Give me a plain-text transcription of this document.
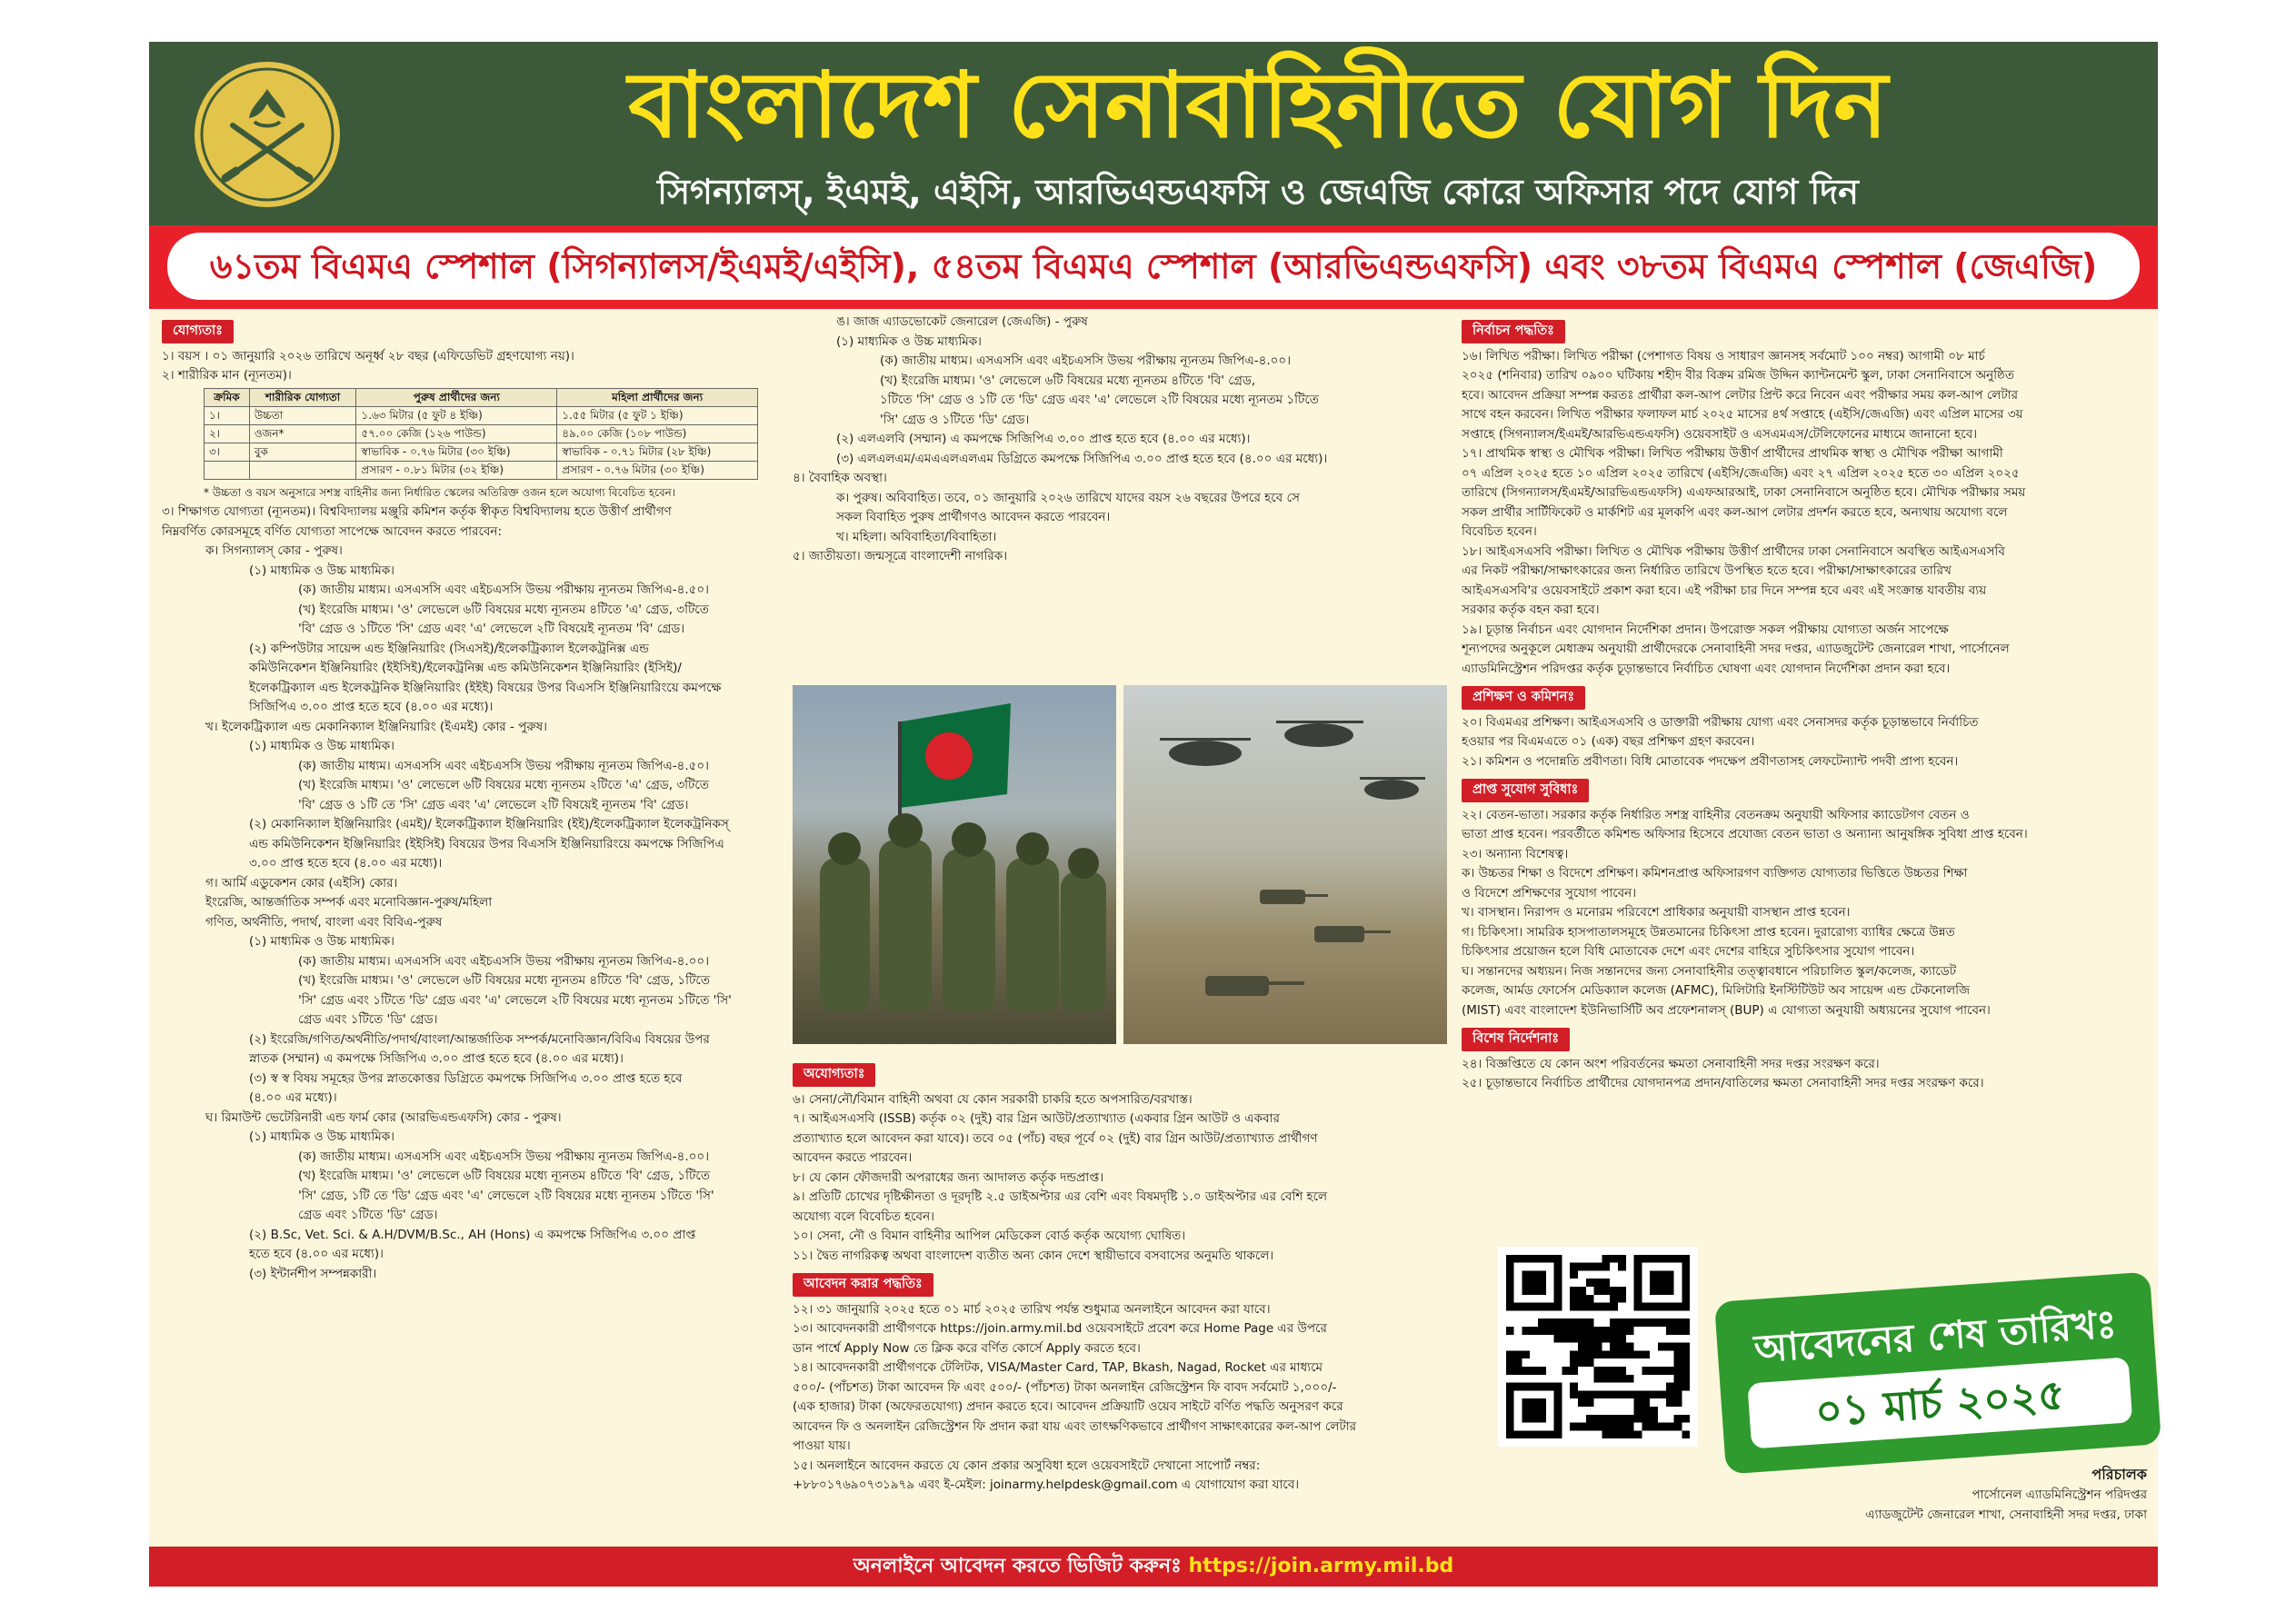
বাংলাদেশ সেনাবাহিনীতে যোগ দিন
সিগন্যালস্, ইএমই, এইসি, আরভিএন্ডএফসি ও জেএজি কোরে অফিসার পদে যোগ দিন
৬১তম বিএমএ স্পেশাল (সিগন্যালস/ইএমই/এইসি), ৫৪তম বিএমএ স্পেশাল (আরভিএন্ডএফসি) এবং ৩৮তম বিএমএ স্পেশাল (জেএজি)
যোগ্যতাঃ
১। বয়স । ০১ জানুয়ারি ২০২৬ তারিখে অনূর্ধ্ব ২৮ বছর (এফিডেভিট গ্রহণযোগ্য নয়)।
২। শারীরিক মান (ন্যূনতম)।
ক্রমিক	শারীরিক যোগ্যতা	পুরুষ প্রার্থীদের জন্য	মহিলা প্রার্থীদের জন্য
১।	উচ্চতা	১.৬৩ মিটার (৫ ফুট ৪ ইঞ্চি)	১.৫৫ মিটার (৫ ফুট ১ ইঞ্চি)
২।	ওজন*	৫৭.০০ কেজি (১২৬ পাউন্ড)	৪৯.০০ কেজি (১০৮ পাউন্ড)
৩।	বুক	স্বাভাবিক - ০.৭৬ মিটার (৩০ ইঞ্চি)	স্বাভাবিক - ০.৭১ মিটার (২৮ ইঞ্চি)
		প্রসারণ - ০.৮১ মিটার (৩২ ইঞ্চি)	প্রসারণ - ০.৭৬ মিটার (৩০ ইঞ্চি)
* উচ্চতা ও বয়স অনুসারে সশস্ত্র বাহিনীর জন্য নির্ধারিত স্কেলের অতিরিক্ত ওজন হলে অযোগ্য বিবেচিত হবেন।
৩। শিক্ষাগত যোগ্যতা (ন্যূনতম)। বিশ্ববিদ্যালয় মঞ্জুরি কমিশন কর্তৃক স্বীকৃত বিশ্ববিদ্যালয় হতে উত্তীর্ণ প্রার্থীগণ
নিম্নবর্ণিত কোরসমূহে বর্ণিত যোগ্যতা সাপেক্ষে আবেদন করতে পারবেন:
ক। সিগন্যালস্ কোর - পুরুষ।
(১) মাধ্যমিক ও উচ্চ মাধ্যমিক।
(ক) জাতীয় মাধ্যম। এসএসসি এবং এইচএসসি উভয় পরীক্ষায় ন্যূনতম জিপিএ-৪.৫০।
(খ) ইংরেজি মাধ্যম। 'ও' লেভেলে ৬টি বিষয়ের মধ্যে ন্যূনতম ৪টিতে 'এ' গ্রেড, ৩টিতে
'বি' গ্রেড ও ১টিতে 'সি' গ্রেড এবং 'এ' লেভেলে ২টি বিষয়েই ন্যূনতম 'বি' গ্রেড।
(২) কম্পিউটার সায়েন্স এন্ড ইঞ্জিনিয়ারিং (সিএসই)/ইলেকট্রিক্যাল ইলেকট্রনিক্স এন্ড
কমিউনিকেশন ইঞ্জিনিয়ারিং (ইইসিই)/ইলেকট্রনিক্স এন্ড কমিউনিকেশন ইঞ্জিনিয়ারিং (ইসিই)/
ইলেকট্রিক্যাল এন্ড ইলেকট্রনিক ইঞ্জিনিয়ারিং (ইইই) বিষয়ের উপর বিএসসি ইঞ্জিনিয়ারিংয়ে কমপক্ষে
সিজিপিএ ৩.০০ প্রাপ্ত হতে হবে (৪.০০ এর মধ্যে)।
খ। ইলেকট্রিক্যাল এন্ড মেকানিক্যাল ইঞ্জিনিয়ারিং (ইএমই) কোর - পুরুষ।
(১) মাধ্যমিক ও উচ্চ মাধ্যমিক।
(ক) জাতীয় মাধ্যম। এসএসসি এবং এইচএসসি উভয় পরীক্ষায় ন্যূনতম জিপিএ-৪.৫০।
(খ) ইংরেজি মাধ্যম। 'ও' লেভেলে ৬টি বিষয়ের মধ্যে ন্যূনতম ২টিতে 'এ' গ্রেড, ৩টিতে
'বি' গ্রেড ও ১টি তে 'সি' গ্রেড এবং 'এ' লেভেলে ২টি বিষয়েই ন্যূনতম 'বি' গ্রেড।
(২) মেকানিক্যাল ইঞ্জিনিয়ারিং (এমই)/ ইলেকট্রিক্যাল ইঞ্জিনিয়ারিং (ইই)/ইলেকট্রিক্যাল ইলেকট্রনিকস্
এন্ড কমিউনিকেশন ইঞ্জিনিয়ারিং (ইইসিই) বিষয়ের উপর বিএসসি ইঞ্জিনিয়ারিংয়ে কমপক্ষে সিজিপিএ
৩.০০ প্রাপ্ত হতে হবে (৪.০০ এর মধ্যে)।
গ। আর্মি এডুকেশন কোর (এইসি) কোর।
ইংরেজি, আন্তর্জাতিক সম্পর্ক এবং মনোবিজ্ঞান-পুরুষ/মহিলা
গণিত, অর্থনীতি, পদার্থ, বাংলা এবং বিবিএ-পুরুষ
(১) মাধ্যমিক ও উচ্চ মাধ্যমিক।
(ক) জাতীয় মাধ্যম। এসএসসি এবং এইচএসসি উভয় পরীক্ষায় ন্যূনতম জিপিএ-৪.০০।
(খ) ইংরেজি মাধ্যম। 'ও' লেভেলে ৬টি বিষয়ের মধ্যে ন্যূনতম ৪টিতে 'বি' গ্রেড, ১টিতে
'সি' গ্রেড এবং ১টিতে 'ডি' গ্রেড এবং 'এ' লেভেলে ২টি বিষয়ের মধ্যে ন্যূনতম ১টিতে 'সি'
গ্রেড এবং ১টিতে 'ডি' গ্রেড।
(২) ইংরেজি/গণিত/অর্থনীতি/পদার্থ/বাংলা/আন্তর্জাতিক সম্পর্ক/মনোবিজ্ঞান/বিবিএ বিষয়ের উপর
স্নাতক (সম্মান) এ কমপক্ষে সিজিপিএ ৩.০০ প্রাপ্ত হতে হবে (৪.০০ এর মধ্যে)।
(৩) স্ব স্ব বিষয় সমূহের উপর স্নাতকোত্তর ডিগ্রিতে কমপক্ষে সিজিপিএ ৩.০০ প্রাপ্ত হতে হবে
(৪.০০ এর মধ্যে)।
ঘ। রিমাউন্ট ভেটেরিনারী এন্ড ফার্ম কোর (আরভিএন্ডএফসি) কোর - পুরুষ।
(১) মাধ্যমিক ও উচ্চ মাধ্যমিক।
(ক) জাতীয় মাধ্যম। এসএসসি এবং এইচএসসি উভয় পরীক্ষায় ন্যূনতম জিপিএ-৪.০০।
(খ) ইংরেজি মাধ্যম। 'ও' লেভেলে ৬টি বিষয়ের মধ্যে ন্যূনতম ৪টিতে 'বি' গ্রেড, ১টিতে
'সি' গ্রেড, ১টি তে 'ডি' গ্রেড এবং 'এ' লেভেলে ২টি বিষয়ের মধ্যে ন্যূনতম ১টিতে 'সি'
গ্রেড এবং ১টিতে 'ডি' গ্রেড।
(২) B.Sc, Vet. Sci. & A.H/DVM/B.Sc., AH (Hons) এ কমপক্ষে সিজিপিএ ৩.০০ প্রাপ্ত
হতে হবে (৪.০০ এর মধ্যে)।
(৩) ইন্টার্নশীপ সম্পন্নকারী।
ঙ। জাজ এ্যাডভোকেট জেনারেল (জেএজি) - পুরুষ
(১) মাধ্যমিক ও উচ্চ মাধ্যমিক।
(ক) জাতীয় মাধ্যম। এসএসসি এবং এইচএসসি উভয় পরীক্ষায় ন্যূনতম জিপিএ-৪.০০।
(খ) ইংরেজি মাধ্যম। 'ও' লেভেলে ৬টি বিষয়ের মধ্যে ন্যূনতম ৪টিতে 'বি' গ্রেড,
১টিতে 'সি' গ্রেড ও ১টি তে 'ডি' গ্রেড এবং 'এ' লেভেলে ২টি বিষয়ের মধ্যে ন্যূনতম ১টিতে
'সি' গ্রেড ও ১টিতে 'ডি' গ্রেড।
(২) এলএলবি (সম্মান) এ কমপক্ষে সিজিপিএ ৩.০০ প্রাপ্ত হতে হবে (৪.০০ এর মধ্যে)।
(৩) এলএলএম/এমএএলএলএম ডিগ্রিতে কমপক্ষে সিজিপিএ ৩.০০ প্রাপ্ত হতে হবে (৪.০০ এর মধ্যে)।
৪। বৈবাহিক অবস্থা।
ক। পুরুষ। অবিবাহিত। তবে, ০১ জানুয়ারি ২০২৬ তারিখে যাদের বয়স ২৬ বছরের উপরে হবে সে
সকল বিবাহিত পুরুষ প্রার্থীগণও আবেদন করতে পারবেন।
খ। মহিলা। অবিবাহিতা/বিবাহিতা।
৫। জাতীয়তা। জন্মসূত্রে বাংলাদেশী নাগরিক।
অযোগ্যতাঃ
৬। সেনা/নৌ/বিমান বাহিনী অথবা যে কোন সরকারী চাকরি হতে অপসারিত/বরখাস্ত।
৭। আইএসএসবি (ISSB) কর্তৃক ০২ (দুই) বার গ্রিন আউট/প্রত্যাখ্যাত (একবার গ্রিন আউট ও একবার
প্রত্যাখ্যাত হলে আবেদন করা যাবে)। তবে ০৫ (পাঁচ) বছর পূর্বে ০২ (দুই) বার গ্রিন আউট/প্রত্যাখ্যাত প্রার্থীগণ
আবেদন করতে পারবেন।
৮। যে কোন ফৌজদারী অপরাধের জন্য আদালত কর্তৃক দন্ডপ্রাপ্ত।
৯। প্রতিটি চোখের দৃষ্টিক্ষীনতা ও দূরদৃষ্টি ২.৫ ডাইঅপ্টার এর বেশি এবং বিষমদৃষ্টি ১.০ ডাইঅপ্টার এর বেশি হলে
অযোগ্য বলে বিবেচিত হবেন।
১০। সেনা, নৌ ও বিমান বাহিনীর আপিল মেডিকেল বোর্ড কর্তৃক অযোগ্য ঘোষিত।
১১। দ্বৈত নাগরিকত্ব অথবা বাংলাদেশ ব্যতীত অন্য কোন দেশে স্থায়ীভাবে বসবাসের অনুমতি থাকলে।
আবেদন করার পদ্ধতিঃ
১২। ৩১ জানুয়ারি ২০২৫ হতে ০১ মার্চ ২০২৫ তারিখ পর্যন্ত শুধুমাত্র অনলাইনে আবেদন করা যাবে।
১৩। আবেদনকারী প্রার্থীগণকে https://join.army.mil.bd ওয়েবসাইটে প্রবেশ করে Home Page এর উপরে
ডান পার্শ্বে Apply Now তে ক্লিক করে বর্ণিত কোর্সে Apply করতে হবে।
১৪। আবেদনকারী প্রার্থীগণকে টেলিটক, VISA/Master Card, TAP, Bkash, Nagad, Rocket এর মাধ্যমে
৫০০/- (পাঁচশত) টাকা আবেদন ফি এবং ৫০০/- (পাঁচশত) টাকা অনলাইন রেজিস্ট্রেশন ফি বাবদ সর্বমোট ১,০০০/-
(এক হাজার) টাকা (অফেরতযোগ্য) প্রদান করতে হবে। আবেদন প্রক্রিয়াটি ওয়েব সাইটে বর্ণিত পদ্ধতি অনুসরণ করে
আবেদন ফি ও অনলাইন রেজিস্ট্রেশন ফি প্রদান করা যায় এবং তাৎক্ষণিকভাবে প্রার্থীগণ সাক্ষাৎকারের কল-আপ লেটার
পাওয়া যায়।
১৫। অনলাইনে আবেদন করতে যে কোন প্রকার অসুবিধা হলে ওয়েবসাইটে দেখানো সাপোর্ট নম্বর:
+৮৮০১৭৬৯০৭৩১৯৭৯ এবং ই-মেইল: joinarmy.helpdesk@gmail.com এ যোগাযোগ করা যাবে।
নির্বাচন পদ্ধতিঃ
১৬। লিখিত পরীক্ষা। লিখিত পরীক্ষা (পেশাগত বিষয় ও সাধারণ জ্ঞানসহ সর্বমোট ১০০ নম্বর) আগামী ০৮ মার্চ
২০২৫ (শনিবার) তারিখ ০৯০০ ঘটিকায় শহীদ বীর বিক্রম রমিজ উদ্দিন ক্যান্টনমেন্ট স্কুল, ঢাকা সেনানিবাসে অনুষ্ঠিত
হবে। আবেদন প্রক্রিয়া সম্পন্ন করতঃ প্রার্থীরা কল-আপ লেটার প্রিন্ট করে নিবেন এবং পরীক্ষার সময় কল-আপ লেটার
সাথে বহন করবেন। লিখিত পরীক্ষার ফলাফল মার্চ ২০২৫ মাসের ৪র্থ সপ্তাহে (এইসি/জেএজি) এবং এপ্রিল মাসের ৩য়
সপ্তাহে (সিগন্যালস/ইএমই/আরভিএন্ডএফসি) ওয়েবসাইট ও এসএমএস/টেলিফোনের মাধ্যমে জানানো হবে।
১৭। প্রাথমিক স্বাস্থ্য ও মৌখিক পরীক্ষা। লিখিত পরীক্ষায় উত্তীর্ণ প্রার্থীদের প্রাথমিক স্বাস্থ্য ও মৌখিক পরীক্ষা আগামী
০৭ এপ্রিল ২০২৫ হতে ১০ এপ্রিল ২০২৫ তারিখে (এইসি/জেএজি) এবং ২৭ এপ্রিল ২০২৫ হতে ৩০ এপ্রিল ২০২৫
তারিখে (সিগন্যালস/ইএমই/আরভিএন্ডএফসি) এএফআরআই, ঢাকা সেনানিবাসে অনুষ্ঠিত হবে। মৌখিক পরীক্ষার সময়
সকল প্রার্থীর সার্টিফিকেট ও মার্কশিট এর মূলকপি এবং কল-আপ লেটার প্রদর্শন করতে হবে, অন্যথায় অযোগ্য বলে
বিবেচিত হবেন।
১৮। আইএসএসবি পরীক্ষা। লিখিত ও মৌখিক পরীক্ষায় উত্তীর্ণ প্রার্থীদের ঢাকা সেনানিবাসে অবস্থিত আইএসএসবি
এর নিকট পরীক্ষা/সাক্ষাৎকারের জন্য নির্ধারিত তারিখে উপস্থিত হতে হবে। পরীক্ষা/সাক্ষাৎকারের তারিখ
আইএসএসবি'র ওয়েবসাইটে প্রকাশ করা হবে। এই পরীক্ষা চার দিনে সম্পন্ন হবে এবং এই সংক্রান্ত যাবতীয় ব্যয়
সরকার কর্তৃক বহন করা হবে।
১৯। চূড়ান্ত নির্বাচন এবং যোগদান নির্দেশিকা প্রদান। উপরোক্ত সকল পরীক্ষায় যোগ্যতা অর্জন সাপেক্ষে
শূন্যপদের অনুকূলে মেধাক্রম অনুযায়ী প্রার্থীদেরকে সেনাবাহিনী সদর দপ্তর, এ্যাডজুটেন্ট জেনারেল শাখা, পার্সোনেল
এ্যাডমিনিস্ট্রেশন পরিদপ্তর কর্তৃক চূড়ান্তভাবে নির্বাচিত ঘোষণা এবং যোগদান নির্দেশিকা প্রদান করা হবে।
প্রশিক্ষণ ও কমিশনঃ
২০। বিএমএর প্রশিক্ষণ। আইএসএসবি ও ডাক্তারী পরীক্ষায় যোগ্য এবং সেনাসদর কর্তৃক চূড়ান্তভাবে নির্বাচিত
হওয়ার পর বিএমএতে ০১ (এক) বছর প্রশিক্ষণ গ্রহণ করবেন।
২১। কমিশন ও পদোন্নতি প্রবীণতা। বিধি মোতাবেক পদক্ষেপ প্রবীণতাসহ লেফটেন্যান্ট পদবী প্রাপ্য হবেন।
প্রাপ্ত সুযোগ সুবিধাঃ
২২। বেতন-ভাতা। সরকার কর্তৃক নির্ধারিত সশস্ত্র বাহিনীর বেতনক্রম অনুযায়ী অফিসার ক্যাডেটগণ বেতন ও
ভাতা প্রাপ্ত হবেন। পরবর্তীতে কমিশন্ড অফিসার হিসেবে প্রযোজ্য বেতন ভাতা ও অন্যান্য আনুষঙ্গিক সুবিধা প্রাপ্ত হবেন।
২৩। অন্যান্য বিশেষত্ব।
ক। উচ্চতর শিক্ষা ও বিদেশে প্রশিক্ষণ। কমিশনপ্রাপ্ত অফিসারগণ ব্যক্তিগত যোগ্যতার ভিত্তিতে উচ্চতর শিক্ষা
ও বিদেশে প্রশিক্ষণের সুযোগ পাবেন।
খ। বাসস্থান। নিরাপদ ও মনোরম পরিবেশে প্রাধিকার অনুযায়ী বাসস্থান প্রাপ্ত হবেন।
গ। চিকিৎসা। সামরিক হাসপাতালসমূহে উন্নতমানের চিকিৎসা প্রাপ্ত হবেন। দুরারোগ্য ব্যাধির ক্ষেত্রে উন্নত
চিকিৎসার প্রয়োজন হলে বিধি মোতাবেক দেশে এবং দেশের বাহিরে সুচিকিৎসার সুযোগ পাবেন।
ঘ। সন্তানদের অধ্যয়ন। নিজ সন্তানদের জন্য সেনাবাহিনীর তত্ত্বাবধানে পরিচালিত স্কুল/কলেজ, ক্যাডেট
কলেজ, আর্মড ফোর্সেস মেডিক্যাল কলেজ (AFMC), মিলিটারি ইনস্টিটিউট অব সায়েন্স এন্ড টেকনোলজি
(MIST) এবং বাংলাদেশ ইউনিভার্সিটি অব প্রফেশনালস্ (BUP) এ যোগ্যতা অনুযায়ী অধ্যয়নের সুযোগ পাবেন।
বিশেষ নির্দেশনাঃ
২৪। বিজ্ঞপ্তিতে যে কোন অংশ পরিবর্তনের ক্ষমতা সেনাবাহিনী সদর দপ্তর সংরক্ষণ করে।
২৫। চূড়ান্তভাবে নির্বাচিত প্রার্থীদের যোগদানপত্র প্রদান/বাতিলের ক্ষমতা সেনাবাহিনী সদর দপ্তর সংরক্ষণ করে।
আবেদনের শেষ তারিখঃ
০১ মার্চ ২০২৫
পরিচালক
পার্সোনেল এ্যাডমিনিস্ট্রেশন পরিদপ্তর
এ্যাডজুটেন্ট জেনারেল শাখা, সেনাবাহিনী সদর দপ্তর, ঢাকা
অনলাইনে আবেদন করতে ভিজিট করুনঃ https://join.army.mil.bd
